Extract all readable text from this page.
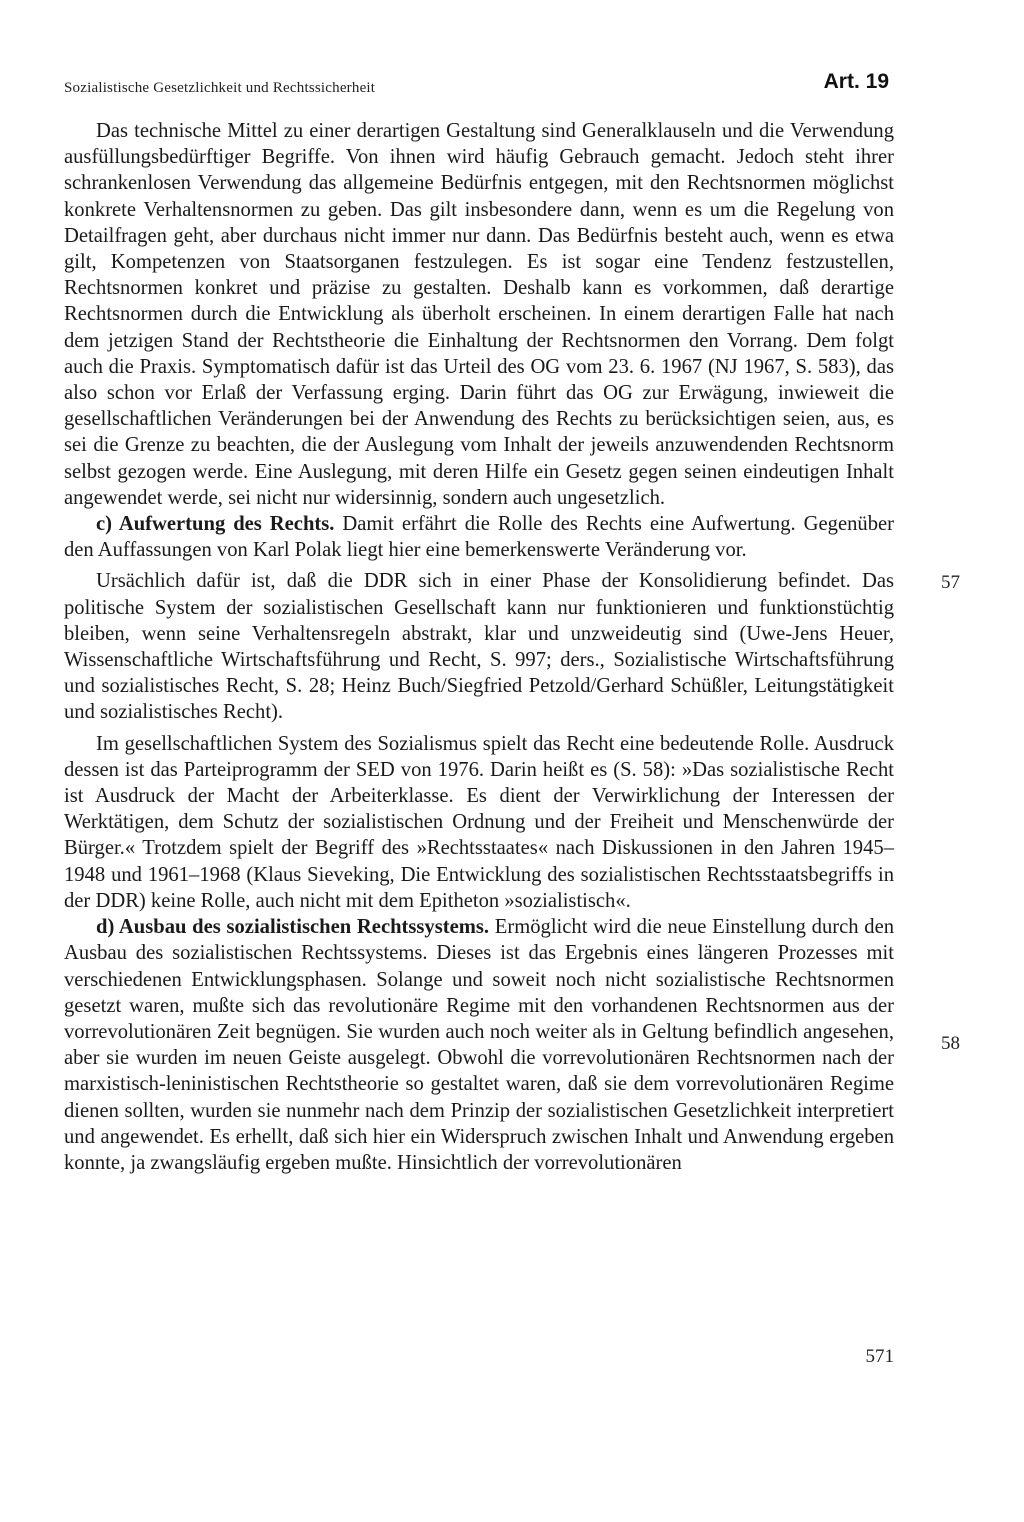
Sozialistische Gesetzlichkeit und Rechtssicherheit	Art. 19

Das technische Mittel zu einer derartigen Gestaltung sind Generalklauseln und die Verwendung ausfüllungsbedürftiger Begriffe. Von ihnen wird häufig Gebrauch gemacht. Jedoch steht ihrer schrankenlosen Verwendung das allgemeine Bedürfnis entgegen, mit den Rechtsnormen möglichst konkrete Verhaltensnormen zu geben. Das gilt insbesondere dann, wenn es um die Regelung von Detailfragen geht, aber durchaus nicht immer nur dann. Das Bedürfnis besteht auch, wenn es etwa gilt, Kompetenzen von Staatsorganen festzulegen. Es ist sogar eine Tendenz festzustellen, Rechtsnormen konkret und präzise zu gestalten. Deshalb kann es vorkommen, daß derartige Rechtsnormen durch die Entwicklung als überholt erscheinen. In einem derartigen Falle hat nach dem jetzigen Stand der Rechtstheorie die Einhaltung der Rechtsnormen den Vorrang. Dem folgt auch die Praxis. Symptomatisch dafür ist das Urteil des OG vom 23. 6. 1967 (NJ 1967, S. 583), das also schon vor Erlaß der Verfassung erging. Darin führt das OG zur Erwägung, inwieweit die gesellschaftlichen Veränderungen bei der Anwendung des Rechts zu berücksichtigen seien, aus, es sei die Grenze zu beachten, die der Auslegung vom Inhalt der jeweils anzuwendenden Rechtsnorm selbst gezogen werde. Eine Auslegung, mit deren Hilfe ein Gesetz gegen seinen eindeutigen Inhalt angewendet werde, sei nicht nur widersinnig, sondern auch ungesetzlich.

c) Aufwertung des Rechts. Damit erfährt die Rolle des Rechts eine Aufwertung. Gegenüber den Auffassungen von Karl Polak liegt hier eine bemerkenswerte Veränderung vor.

Ursächlich dafür ist, daß die DDR sich in einer Phase der Konsolidierung befindet. Das politische System der sozialistischen Gesellschaft kann nur funktionieren und funktionstüchtig bleiben, wenn seine Verhaltensregeln abstrakt, klar und unzweideutig sind (Uwe-Jens Heuer, Wissenschaftliche Wirtschaftsführung und Recht, S. 997; ders., Sozialistische Wirtschaftsführung und sozialistisches Recht, S. 28; Heinz Buch/Siegfried Petzold/Gerhard Schüßler, Leitungstätigkeit und sozialistisches Recht).

Im gesellschaftlichen System des Sozialismus spielt das Recht eine bedeutende Rolle. Ausdruck dessen ist das Parteiprogramm der SED von 1976. Darin heißt es (S. 58): »Das sozialistische Recht ist Ausdruck der Macht der Arbeiterklasse. Es dient der Verwirklichung der Interessen der Werktätigen, dem Schutz der sozialistischen Ordnung und der Freiheit und Menschenwürde der Bürger.« Trotzdem spielt der Begriff des »Rechtsstaates« nach Diskussionen in den Jahren 1945–1948 und 1961–1968 (Klaus Sieveking, Die Entwicklung des sozialistischen Rechtsstaatsbegriffs in der DDR) keine Rolle, auch nicht mit dem Epitheton »sozialistisch«.

d) Ausbau des sozialistischen Rechtssystems. Ermöglicht wird die neue Einstellung durch den Ausbau des sozialistischen Rechtssystems. Dieses ist das Ergebnis eines längeren Prozesses mit verschiedenen Entwicklungsphasen. Solange und soweit noch nicht sozialistische Rechtsnormen gesetzt waren, mußte sich das revolutionäre Regime mit den vorhandenen Rechtsnormen aus der vorrevolutionären Zeit begnügen. Sie wurden auch noch weiter als in Geltung befindlich angesehen, aber sie wurden im neuen Geiste ausgelegt. Obwohl die vorrevolutionären Rechtsnormen nach der marxistisch-leninistischen Rechtstheorie so gestaltet waren, daß sie dem vorrevolutionären Regime dienen sollten, wurden sie nunmehr nach dem Prinzip der sozialistischen Gesetzlichkeit interpretiert und angewendet. Es erhellt, daß sich hier ein Widerspruch zwischen Inhalt und Anwendung ergeben konnte, ja zwangsläufig ergeben mußte. Hinsichtlich der vorrevolutionären

57
58
571
